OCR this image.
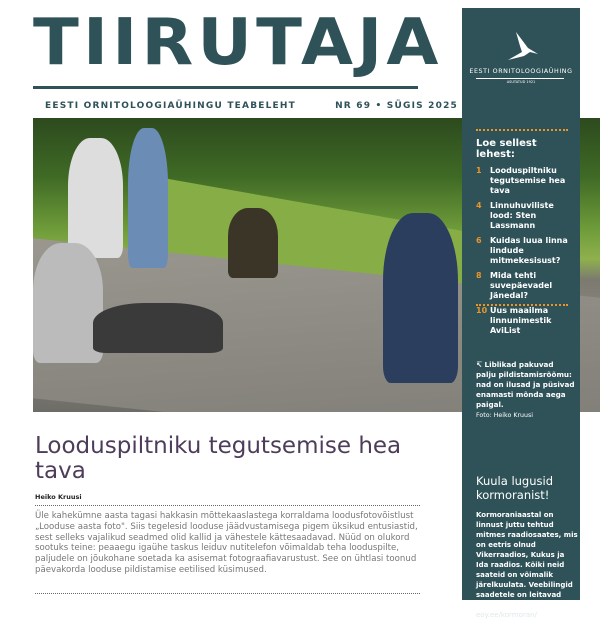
TIIRUTAJA
EESTI ORNITOLOOGIAÜHINGU TEABELEHT	NR 69 • SÜGIS 2025
EESTI ORNITOLOOGIAÜHING
ASUTATUD 1921
Loe sellest lehest:
1	Looduspiltniku tegutsemise hea tava
4	Linnuhuviliste lood: Sten Lassmann
6	Kuidas luua linna lindude mitmekesisust?
8	Mida tehti suvepäevadel Jänedal?
10 Uus maailma linnunimestik AviList
↸ Liblikad pakuvad palju pildistamisrõõmu: nad on ilusad ja püsivad enamasti mõnda aega paigal.
Foto: Heiko Kruusi
Kuula lugusid kormoranist!

Kormoraniaastal on linnust juttu tehtud mitmes raadiosaates, mis on eetris olnud Vikerraadios, Kukus ja Ida raadios. Kõiki neid saateid on võimalik järelkuulata. Veebilingid saadetele on leitavad ornitoloogiaühingu lehel eoy.ee/kormoran/

Looduspiltniku tegutsemise hea tava
Heiko Kruusi
Üle kahekümne aasta tagasi hakkasin mõttekaaslastega korraldama loodusfotovõistlust „Looduse aasta foto". Siis tegelesid looduse jäädvustamisega pigem üksikud entusiastid, sest selleks vajalikud seadmed olid kallid ja vähestele kättesaadavad. Nüüd on olukord sootuks teine: peaaegu igaühe taskus leiduv nutitelefon võimaldab teha looduspilte, paljudele on jõukohane soetada ka asisemat fotograafiavarustust. See on ühtlasi toonud päevakorda looduse pildistamise eetilised küsimused.
